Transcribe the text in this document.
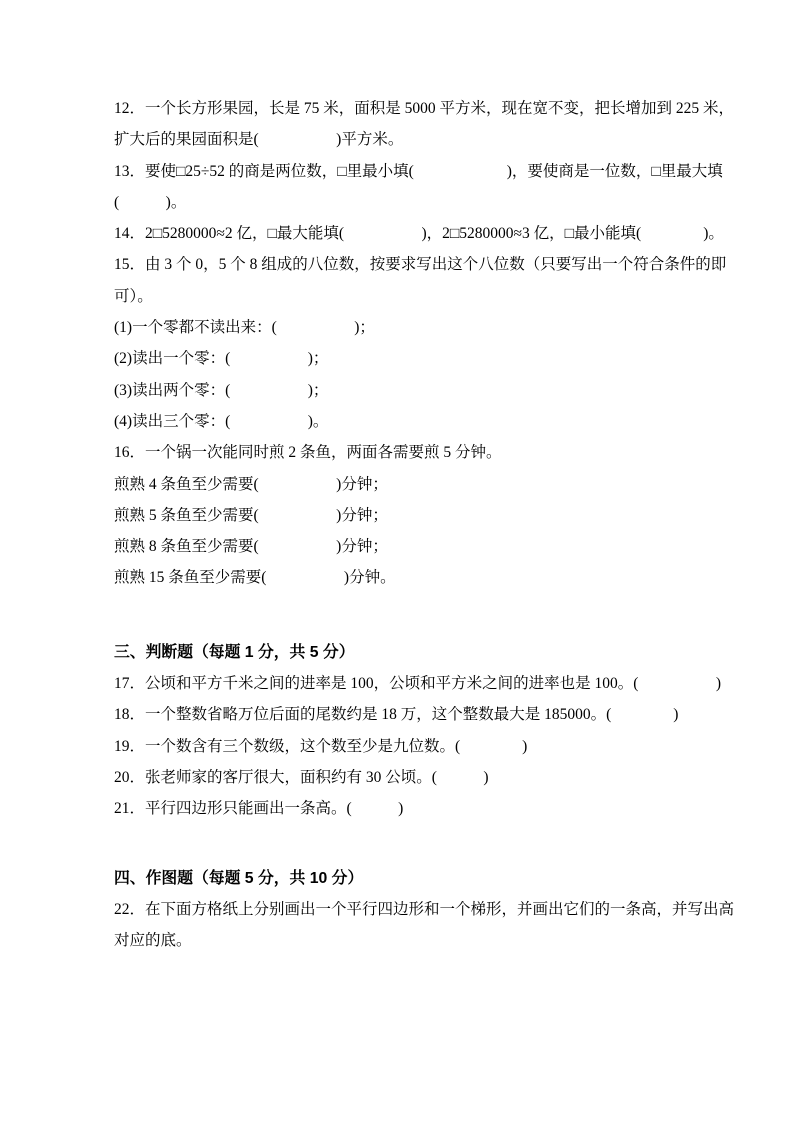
12．一个长方形果园，长是 75 米，面积是 5000 平方米，现在宽不变，把长增加到 225 米，
扩大后的果园面积是(　　　　　)平方米。
13．要使□25÷52 的商是两位数，□里最小填(　　　　　　)，要使商是一位数，□里最大填
(　　　)。
14．2□5280000≈2 亿，□最大能填(　　　　　)，2□5280000≈3 亿，□最小能填(　　　　)。
15．由 3 个 0，5 个 8 组成的八位数，按要求写出这个八位数（只要写出一个符合条件的即
可）。
(1)一个零都不读出来：(　　　　　)；
(2)读出一个零：(　　　　　)；
(3)读出两个零：(　　　　　)；
(4)读出三个零：(　　　　　)。
16．一个锅一次能同时煎 2 条鱼，两面各需要煎 5 分钟。
煎熟 4 条鱼至少需要(　　　　　)分钟；
煎熟 5 条鱼至少需要(　　　　　)分钟；
煎熟 8 条鱼至少需要(　　　　　)分钟；
煎熟 15 条鱼至少需要(　　　　　)分钟。
三、判断题（每题 1 分，共 5 分）
17．公顷和平方千米之间的进率是 100，公顷和平方米之间的进率也是 100。(　　　　　)
18．一个整数省略万位后面的尾数约是 18 万，这个整数最大是 185000。(　　　　)
19．一个数含有三个数级，这个数至少是九位数。(　　　　)
20．张老师家的客厅很大，面积约有 30 公顷。(　　　)
21．平行四边形只能画出一条高。(　　　)
四、作图题（每题 5 分，共 10 分）
22．在下面方格纸上分别画出一个平行四边形和一个梯形，并画出它们的一条高，并写出高
对应的底。
